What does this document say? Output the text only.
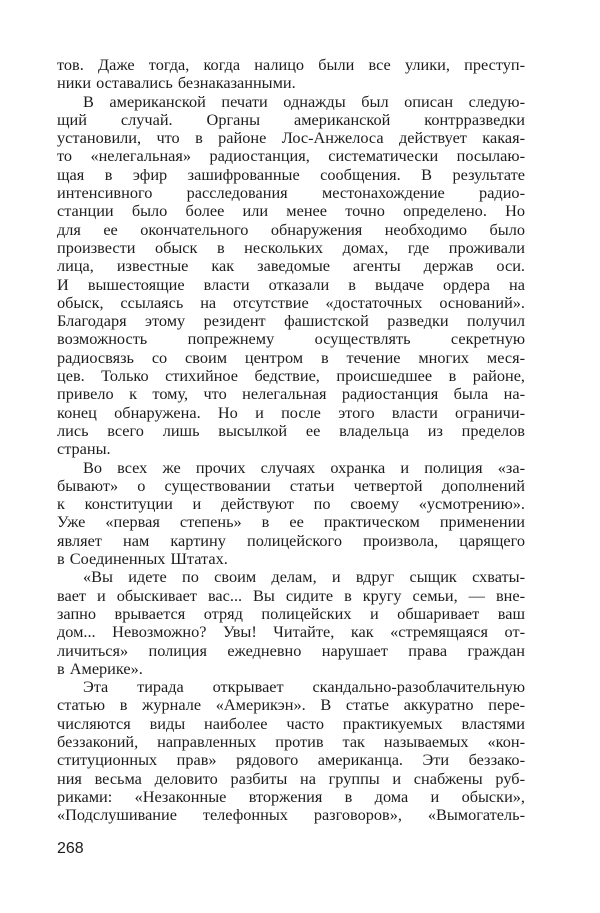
тов. Даже тогда, когда налицо были все улики, преступ-
ники оставались безнаказанными.
В американской печати однажды был описан следую-
щий случай. Органы американской контрразведки
установили, что в районе Лос-Анжелоса действует какая-
то «нелегальная» радиостанция, систематически посылаю-
щая в эфир зашифрованные сообщения. В результате
интенсивного расследования местонахождение радио-
станции было более или менее точно определено. Но
для ее окончательного обнаружения необходимо было
произвести обыск в нескольких домах, где проживали
лица, известные как заведомые агенты держав оси.
И вышестоящие власти отказали в выдаче ордера на
обыск, ссылаясь на отсутствие «достаточных оснований».
Благодаря этому резидент фашистской разведки получил
возможность попрежнему осуществлять секретную
радиосвязь со своим центром в течение многих меся-
цев. Только стихийное бедствие, происшедшее в районе,
привело к тому, что нелегальная радиостанция была на-
конец обнаружена. Но и после этого власти ограничи-
лись всего лишь высылкой ее владельца из пределов
страны.
Во всех же прочих случаях охранка и полиция «за-
бывают» о существовании статьи четвертой дополнений
к конституции и действуют по своему «усмотрению».
Уже «первая степень» в ее практическом применении
являет нам картину полицейского произвола, царящего
в Соединенных Штатах.
«Вы идете по своим делам, и вдруг сыщик схваты-
вает и обыскивает вас... Вы сидите в кругу семьи, — вне-
запно врывается отряд полицейских и обшаривает ваш
дом... Невозможно? Увы! Читайте, как «стремящаяся от-
личиться» полиция ежедневно нарушает права граждан
в Америке».
Эта тирада открывает скандально-разоблачительную
статью в журнале «Америкэн». В статье аккуратно пере-
числяются виды наиболее часто практикуемых властями
беззаконий, направленных против так называемых «кон-
ституционных прав» рядового американца. Эти беззако-
ния весьма деловито разбиты на группы и снабжены руб-
риками: «Незаконные вторжения в дома и обыски»,
«Подслушивание телефонных разговоров», «Вымогатель-
268
